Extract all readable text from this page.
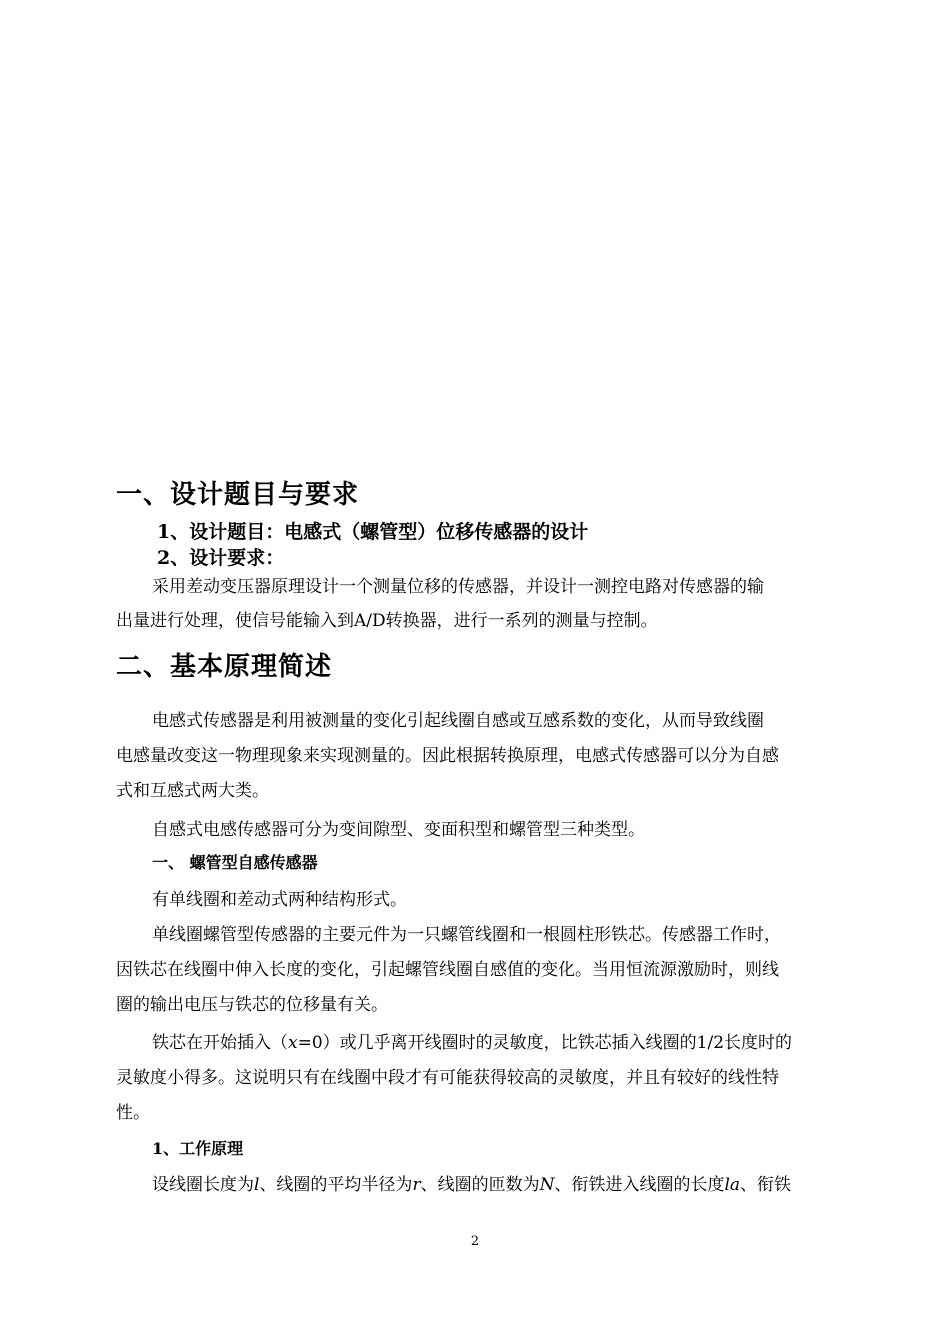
一、设计题目与要求
1、设计题目：电感式（螺管型）位移传感器的设计
2、设计要求：
采用差动变压器原理设计一个测量位移的传感器，并设计一测控电路对传感器的输
出量进行处理，使信号能输入到A/D转换器，进行一系列的测量与控制。
二、基本原理简述
电感式传感器是利用被测量的变化引起线圈自感或互感系数的变化，从而导致线圈
电感量改变这一物理现象来实现测量的。因此根据转换原理，电感式传感器可以分为自感
式和互感式两大类。
自感式电感传感器可分为变间隙型、变面积型和螺管型三种类型。
一、 螺管型自感传感器
有单线圈和差动式两种结构形式。
单线圈螺管型传感器的主要元件为一只螺管线圈和一根圆柱形铁芯。传感器工作时，
因铁芯在线圈中伸入长度的变化，引起螺管线圈自感值的变化。当用恒流源激励时，则线
圈的输出电压与铁芯的位移量有关。
铁芯在开始插入（x=0）或几乎离开线圈时的灵敏度，比铁芯插入线圈的1/2长度时的
灵敏度小得多。这说明只有在线圈中段才有可能获得较高的灵敏度，并且有较好的线性特
性。
1、工作原理
设线圈长度为l、线圈的平均半径为r、线圈的匝数为N、衔铁进入线圈的长度la、衔铁
2
